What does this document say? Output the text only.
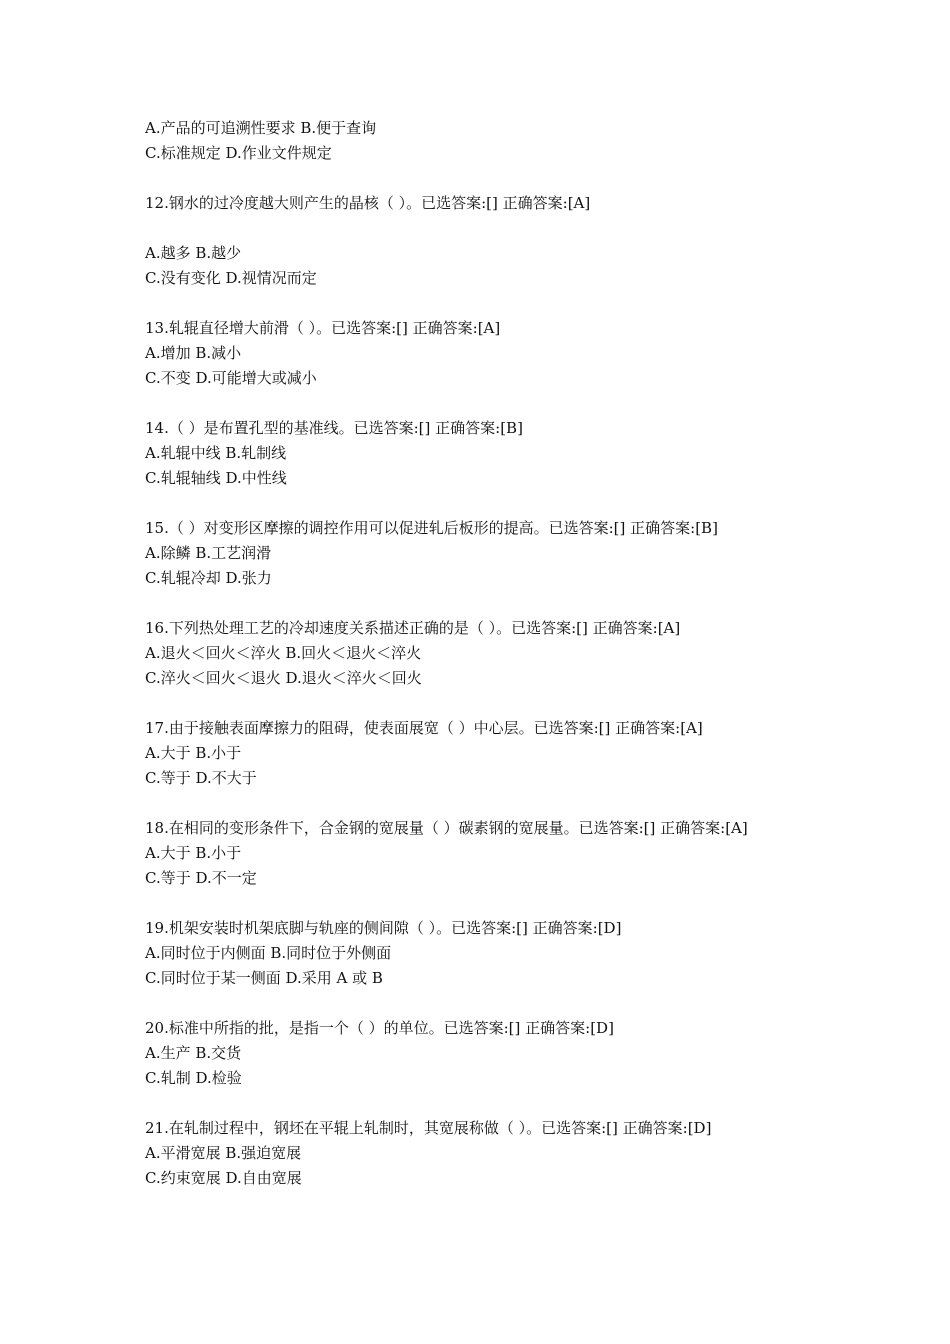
A.产品的可追溯性要求 B.便于查询
C.标准规定 D.作业文件规定
12.钢水的过冷度越大则产生的晶核（ ）。已选答案:[] 正确答案:[A]
A.越多 B.越少
C.没有变化 D.视情况而定
13.轧辊直径增大前滑（ ）。已选答案:[] 正确答案:[A]
A.增加 B.减小
C.不变 D.可能增大或减小
14.（ ）是布置孔型的基准线。已选答案:[] 正确答案:[B]
A.轧辊中线 B.轧制线
C.轧辊轴线 D.中性线
15.（ ）对变形区摩擦的调控作用可以促进轧后板形的提高。已选答案:[] 正确答案:[B]
A.除鳞 B.工艺润滑
C.轧辊冷却 D.张力
16.下列热处理工艺的冷却速度关系描述正确的是（ ）。已选答案:[] 正确答案:[A]
A.退火＜回火＜淬火 B.回火＜退火＜淬火
C.淬火＜回火＜退火 D.退火＜淬火＜回火
17.由于接触表面摩擦力的阻碍，使表面展宽（ ）中心层。已选答案:[] 正确答案:[A]
A.大于 B.小于
C.等于 D.不大于
18.在相同的变形条件下，合金钢的宽展量（ ）碳素钢的宽展量。已选答案:[] 正确答案:[A]
A.大于 B.小于
C.等于 D.不一定
19.机架安装时机架底脚与轨座的侧间隙（ ）。已选答案:[] 正确答案:[D]
A.同时位于内侧面 B.同时位于外侧面
C.同时位于某一侧面 D.采用 A 或 B
20.标准中所指的批，是指一个（ ）的单位。已选答案:[] 正确答案:[D]
A.生产 B.交货
C.轧制 D.检验
21.在轧制过程中，钢坯在平辊上轧制时，其宽展称做（ ）。已选答案:[] 正确答案:[D]
A.平滑宽展 B.强迫宽展
C.约束宽展 D.自由宽展
